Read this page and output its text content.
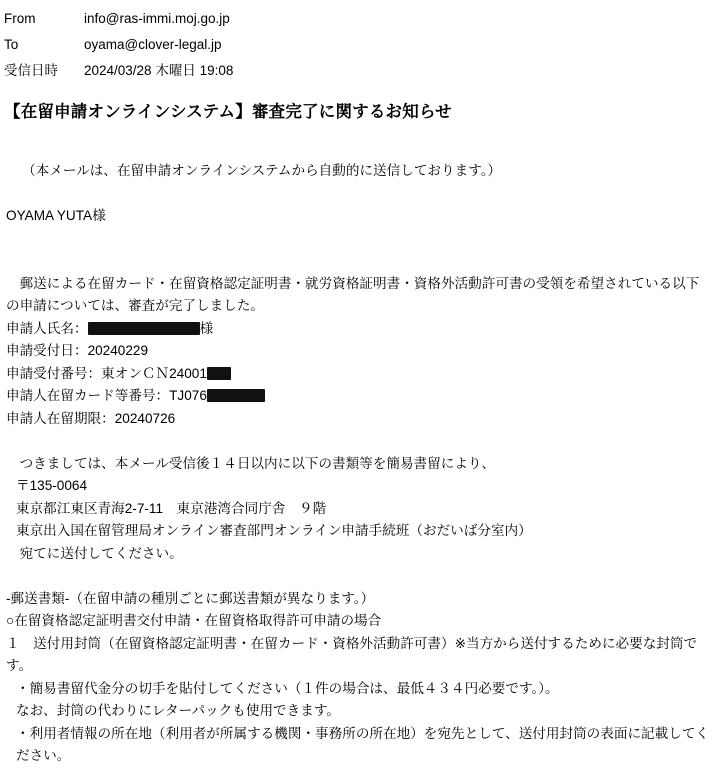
From	info@ras-immi.moj.go.jp
To	oyama@clover-legal.jp
受信日時	2024/03/28 木曜日 19:08
【在留申請オンラインシステム】審査完了に関するお知らせ
（本メールは、在留申請オンラインシステムから自動的に送信しております。）

OYAMA YUTA様

　郵送による在留カード・在留資格認定証明書・就労資格証明書・資格外活動許可書の受領を希望されている以下の申請については、審査が完了しました。
申請人氏名：	様
申請受付日：20240229
申請受付番号：東オンＣＮ24001
申請人在留カード等番号：TJ076
申請人在留期限：20240726

　つきましては、本メール受信後１４日以内に以下の書類等を簡易書留により、
〒135-0064
東京都江東区青海2-7-11　東京港湾合同庁舎　９階
東京出入国在留管理局オンライン審査部門オンライン申請手続班（おだいば分室内）
　宛てに送付してください。

-郵送書類-（在留申請の種別ごとに郵送書類が異なります。）
○在留資格認定証明書交付申請・在留資格取得許可申請の場合
１　送付用封筒（在留資格認定証明書・在留カード・資格外活動許可書）※当方から送付するために必要な封筒です。
・簡易書留代金分の切手を貼付してください（１件の場合は、最低４３４円必要です。）。
なお、封筒の代わりにレターパックも使用できます。
・利用者情報の所在地（利用者が所属する機関・事務所の所在地）を宛先として、送付用封筒の表面に記載してください。
